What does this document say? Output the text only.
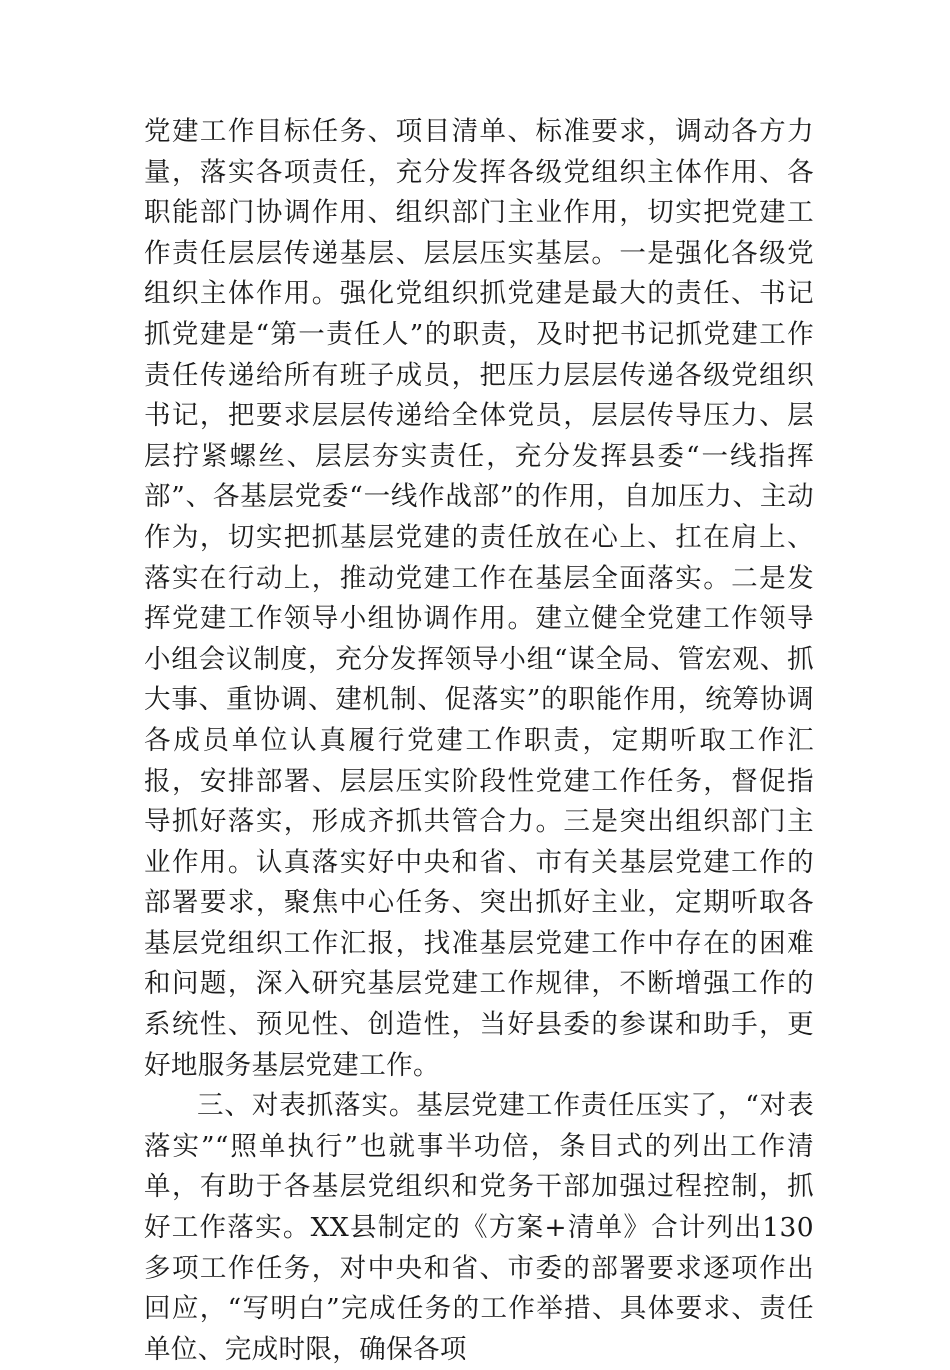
党建工作目标任务、项目清单、标准要求，调动各方力量，落实各项责任，充分发挥各级党组织主体作用、各职能部门协调作用、组织部门主业作用，切实把党建工作责任层层传递基层、层层压实基层。一是强化各级党组织主体作用。强化党组织抓党建是最大的责任、书记抓党建是“第一责任人”的职责，及时把书记抓党建工作责任传递给所有班子成员，把压力层层传递各级党组织书记，把要求层层传递给全体党员，层层传导压力、层层拧紧螺丝、层层夯实责任，充分发挥县委“一线指挥部”、各基层党委“一线作战部”的作用，自加压力、主动作为，切实把抓基层党建的责任放在心上、扛在肩上、落实在行动上，推动党建工作在基层全面落实。二是发挥党建工作领导小组协调作用。建立健全党建工作领导小组会议制度，充分发挥领导小组“谋全局、管宏观、抓大事、重协调、建机制、促落实”的职能作用，统筹协调各成员单位认真履行党建工作职责，定期听取工作汇报，安排部署、层层压实阶段性党建工作任务，督促指导抓好落实，形成齐抓共管合力。三是突出组织部门主业作用。认真落实好中央和省、市有关基层党建工作的部署要求，聚焦中心任务、突出抓好主业，定期听取各基层党组织工作汇报，找准基层党建工作中存在的困难和问题，深入研究基层党建工作规律，不断增强工作的系统性、预见性、创造性，当好县委的参谋和助手，更好地服务基层党建工作。

三、对表抓落实。基层党建工作责任压实了，“对表落实”“照单执行”也就事半功倍，条目式的列出工作清单，有助于各基层党组织和党务干部加强过程控制，抓好工作落实。XX县制定的《方案+清单》合计列出130多项工作任务，对中央和省、市委的部署要求逐项作出回应，“写明白”完成任务的工作举措、具体要求、责任单位、完成时限，确保各项
